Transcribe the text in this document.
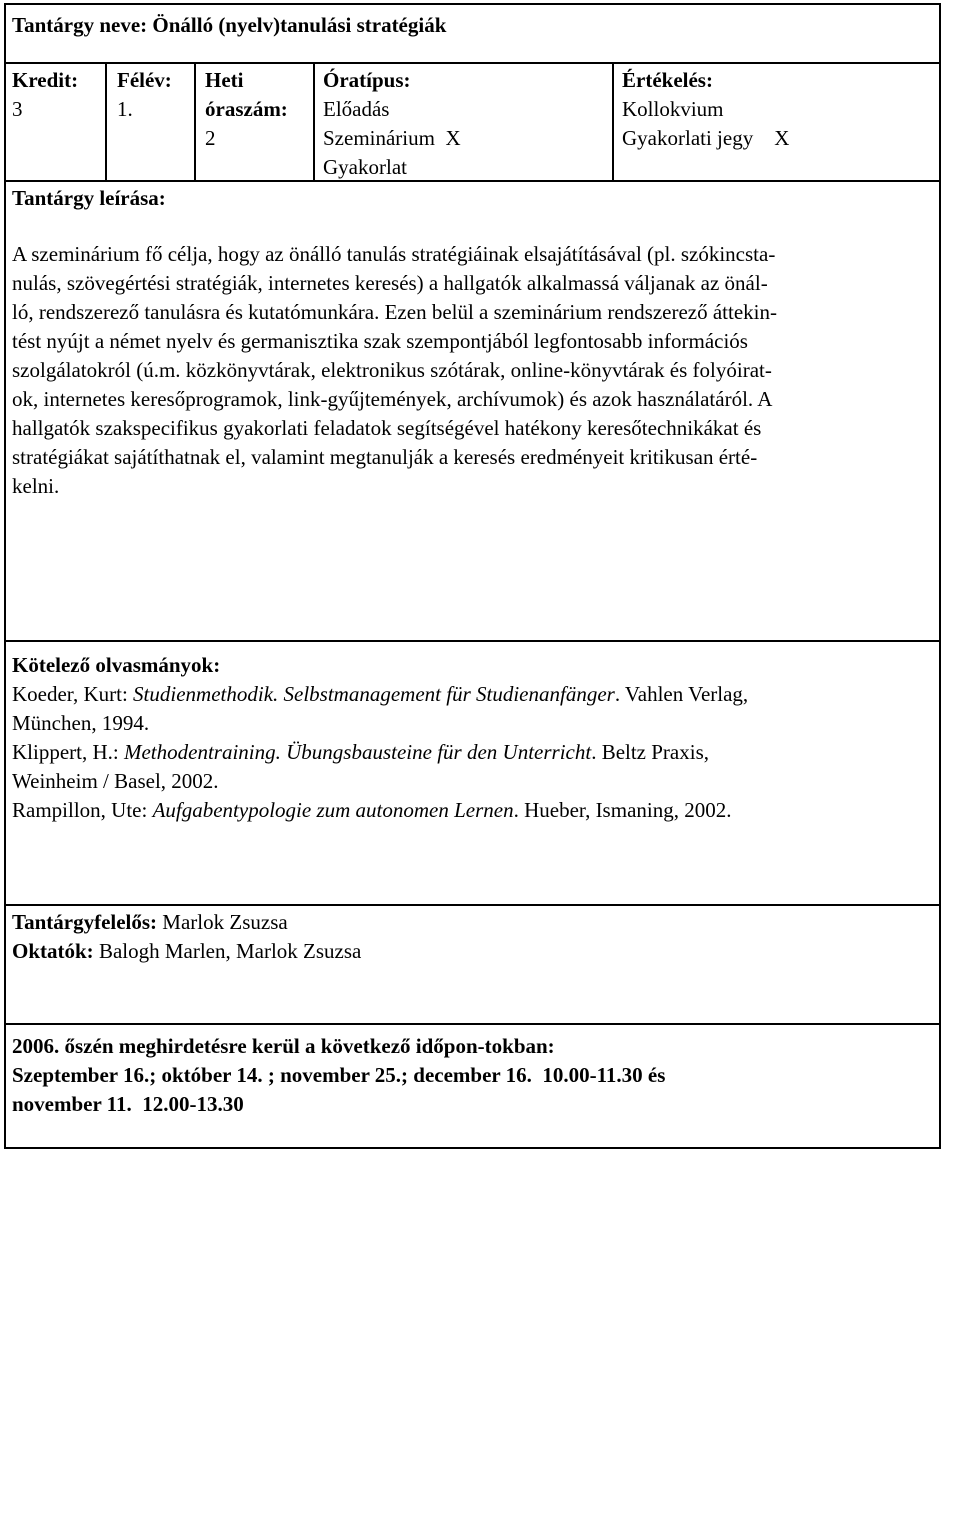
Tantárgy neve: Önálló (nyelv)tanulási stratégiák
Kredit:
3
Félév:
1.
Heti
óraszám:
2
Óratípus:
Előadás
Szeminárium  X
Gyakorlat
Értékelés:
Kollokvium
Gyakorlati jegy    X
Tantárgy leírása:

A szeminárium fő célja, hogy az önálló tanulás stratégiáinak elsajátításával (pl. szókincsta-

nulás, szövegértési stratégiák, internetes keresés) a hallgatók alkalmassá váljanak az önál-

ló, rendszerező tanulásra és kutatómunkára. Ezen belül a szeminárium rendszerező áttekin-

tést nyújt a német nyelv és germanisztika szak szempontjából legfontosabb információs

szolgálatokról (ú.m. közkönyvtárak, elektronikus szótárak, online-könyvtárak és folyóirat-

ok, internetes keresőprogramok, link-gyűjtemények, archívumok) és azok használatáról. A

hallgatók szakspecifikus gyakorlati feladatok segítségével hatékony keresőtechnikákat és

stratégiákat sajátíthatnak el, valamint megtanulják a keresés eredményeit kritikusan érté-

kelni.

Kötelező olvasmányok:
Koeder, Kurt: Studienmethodik. Selbstmanagement für Studienanfänger. Vahlen Verlag,
München, 1994.
Klippert, H.: Methodentraining. Übungsbausteine für den Unterricht. Beltz Praxis,
Weinheim / Basel, 2002.
Rampillon, Ute: Aufgabentypologie zum autonomen Lernen. Hueber, Ismaning, 2002.
Tantárgyfelelős: Marlok Zsuzsa
Oktatók: Balogh Marlen, Marlok Zsuzsa
2006. őszén meghirdetésre kerül a következő időpon-tokban:
Szeptember 16.; október 14. ; november 25.; december 16.  10.00-11.30 és
november 11.  12.00-13.30
